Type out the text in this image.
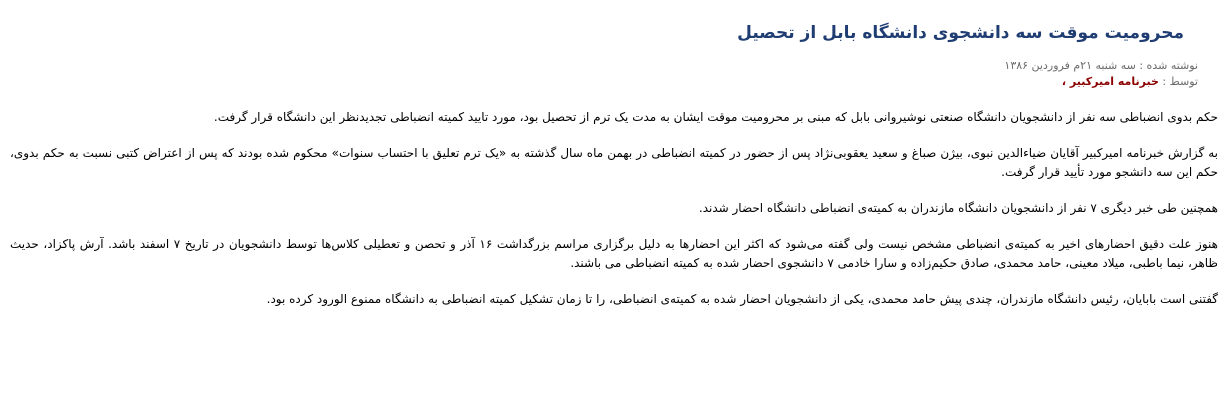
محرومیت موقت سه دانشجوی دانشگاه بابل از تحصیل
نوشته شده : سه شنبه ۲۱م فروردین ۱۳۸۶
توسط : خبرنامه امیرکبیر ،

حکم بدوی انضباطی سه نفر از دانشجویان دانشگاه صنعتی نوشیروانی بابل که مبنی بر محرومیت موقت ایشان به مدت یک ترم از تحصیل بود، مورد تایید کمیته انضباطی تجدیدنظر این دانشگاه قرار گرفت.

به گزارش خبرنامه امیرکبیر آقایان ضیاءالدین نبوی، بیژن صباغ و سعید یعقوبی‌نژاد پس از حضور در کمیته انضباطی در بهمن ماه سال گذشته به «یک ترم تعلیق با احتساب سنوات» محکوم شده بودند که پس از اعتراض کتبی نسبت به حکم بدوی، حکم این سه دانشجو مورد تأیید قرار گرفت.

همچنین طی خبر دیگری ۷ نفر از دانشجویان دانشگاه مازندران به کمیته‌ی انضباطی دانشگاه احضار شدند.

هنوز علت دقیق احضارهای اخیر به کمیته‌ی انضباطی مشخص نیست ولی گفته می‌شود که اکثر این احضارها به دلیل برگزاری مراسم بزرگداشت ۱۶ آذر و تحصن و تعطیلی کلاس‌ها توسط دانشجویان در تاریخ ۷ اسفند باشد. آرش پاکزاد، حدیث ظاهر، نیما باطبی، میلاد معینی، حامد محمدی، صادق حکیم‌زاده و سارا خادمی ۷ دانشجوی احضار شده به کمیته انضباطی می باشند.

گفتنی است بابایان، رئیس دانشگاه مازندران، چندی پیش حامد محمدی، یکی از دانشجویان احضار شده به کمیته‌ی انضباطی، را تا زمان تشکیل کمیته انضباطی به دانشگاه ممنوع الورود کرده بود.
